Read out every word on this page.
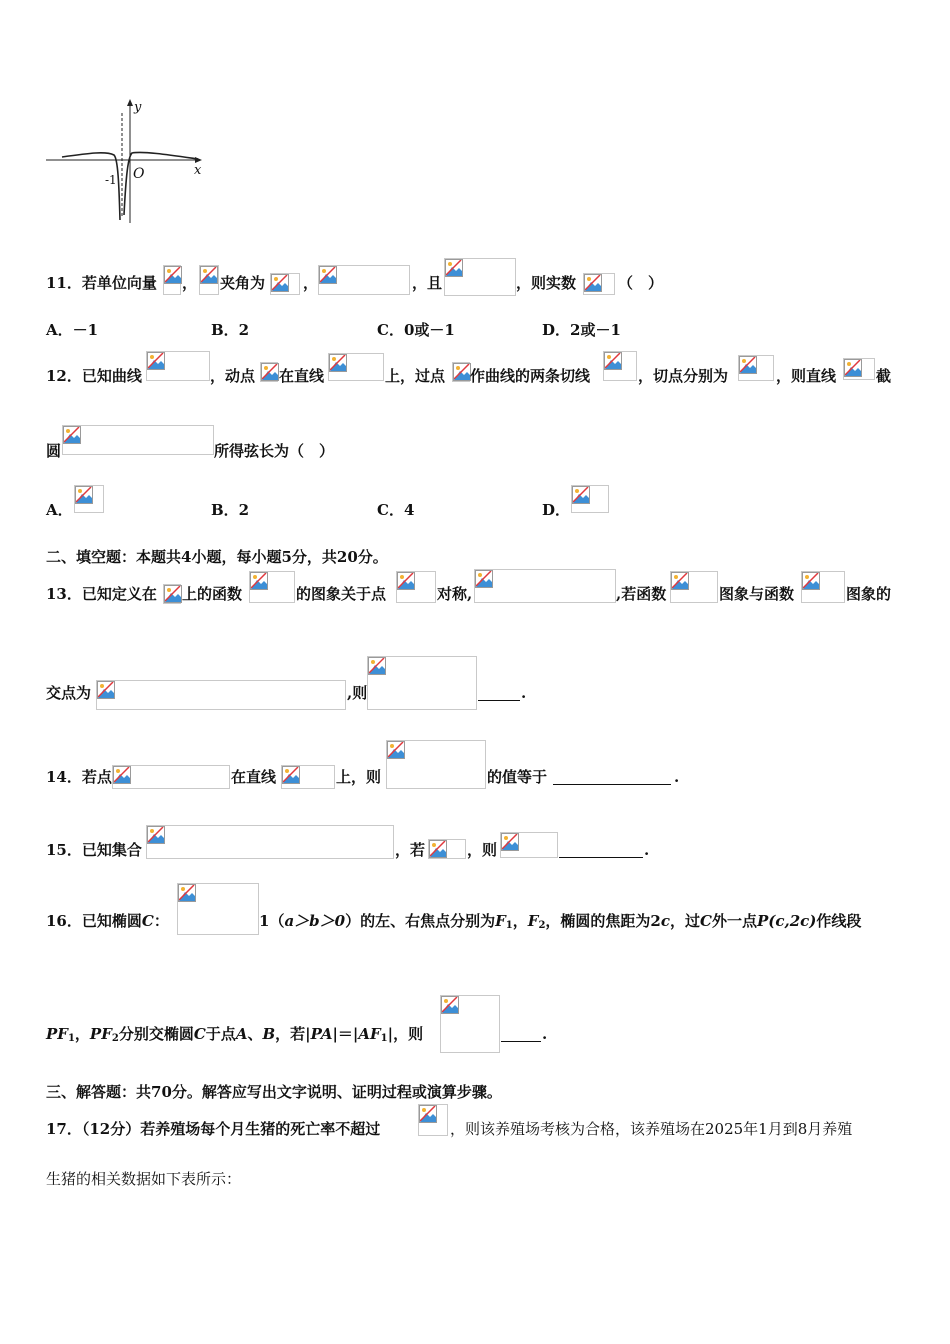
y
x
O
-1
11．若单位向量 ， 夹角为	，	，且	，则实数	（　）
A．－1	B．2	C．0或－1	D．2或－1
12．已知曲线	，动点 在直线	上，过点 作曲线的两条切线	，切点分别为	，则直线	截
圆	所得弦长为（　）
A．	B．2	C．4	D．
二、填空题：本题共4小题，每小题5分，共20分。
13．已知定义在 上的函数	的图象关于点	对称,	,若函数	图象与函数	图象的
交点为	,则	.
14．若点	在直线	上，则	的值等于	.
15．已知集合	，若	，则	.
16．已知椭圆C：	1（a＞b＞0）的左、右焦点分别为$F_1$，$F_2$，椭圆的焦距为2c，过C外一点P(c,2c)作线段
$PF_1$，$PF_2$分别交椭圆C于点A、B，若$|PA|=|AF_1|$，则	.
三、解答题：共70分。解答应写出文字说明、证明过程或演算步骤。
17．（12分）若养殖场每个月生猪的死亡率不超过	，则该养殖场考核为合格，该养殖场在2025年1月到8月养殖
生猪的相关数据如下表所示：
